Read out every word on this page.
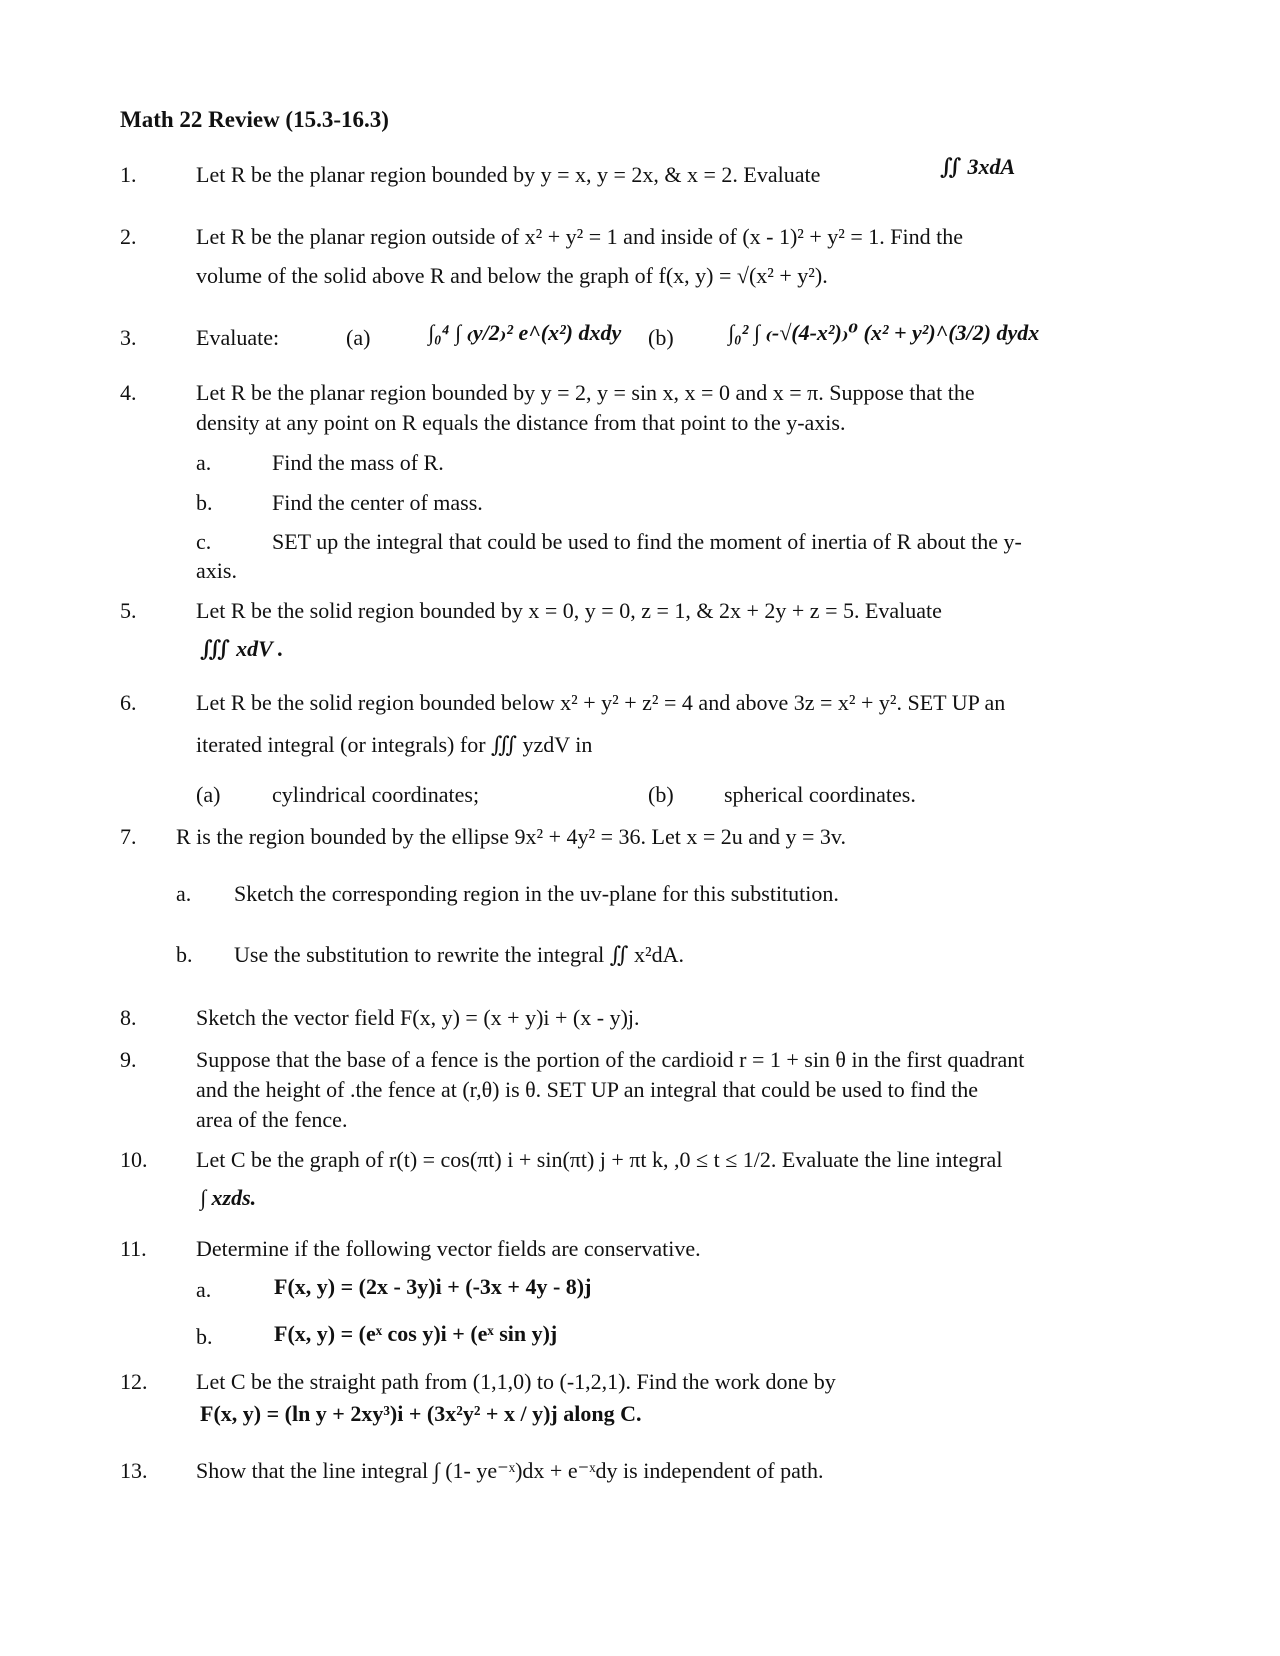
Math 22 Review (15.3-16.3)
1.
2.
3.
4.
5.
6.
7.
8.
9.
10.
11.
12.
13.
Let R be the planar region bounded by y = x, y = 2x, & x = 2. Evaluate	∬ 3xdA
Let R be the planar region outside of x² + y² = 1 and inside of (x - 1)² + y² = 1. Find the
volume of the solid above R and below the graph of f(x, y) = √(x² + y²).
Evaluate:	(a)	∫₀⁴ ∫ ₍y/2₎² e^(x²) dxdy (b) ∫₀² ∫ ₍-√(4-x²)₎⁰ (x² + y²)^(3/2) dydx
Let R be the planar region bounded by y = 2, y = sin x, x = 0 and x = π. Suppose that the
density at any point on R equals the distance from that point to the y-axis.
a.	Find the mass of R.
b.	Find the center of mass.
c.	SET up the integral that could be used to find the moment of inertia of R about the y-
axis.
Let R be the solid region bounded by x = 0, y = 0, z = 1, & 2x + 2y + z = 5. Evaluate
∭ xdV .
Let R be the solid region bounded below x² + y² + z² = 4 and above 3z = x² + y². SET UP an
iterated integral (or integrals) for ∭ yzdV in
(a) cylindrical coordinates;	(b) spherical coordinates.
R is the region bounded by the ellipse 9x² + 4y² = 36. Let x = 2u and y = 3v.
a. Sketch the corresponding region in the uv-plane for this substitution.
b. Use the substitution to rewrite the integral ∬ x²dA.
Sketch the vector field F(x, y) = (x + y)i + (x - y)j.
Suppose that the base of a fence is the portion of the cardioid r = 1 + sin θ in the first quadrant
and the height of .the fence at (r,θ) is θ. SET UP an integral that could be used to find the
area of the fence.
Let C be the graph of r(t) = cos(πt) i + sin(πt) j + πt k, ,0 ≤ t ≤ 1/2. Evaluate the line integral
∫ xzds.
Determine if the following vector fields are conservative.
a.	F(x, y) = (2x - 3y)i + (-3x + 4y - 8)j
b.	F(x, y) = (eˣ cos y)i + (eˣ sin y)j
Let C be the straight path from (1,1,0) to (-1,2,1). Find the work done by
F(x, y) = (ln y + 2xy³)i + (3x²y² + x / y)j along C.
Show that the line integral ∫ (1- ye⁻ˣ)dx + e⁻ˣdy is independent of path.
